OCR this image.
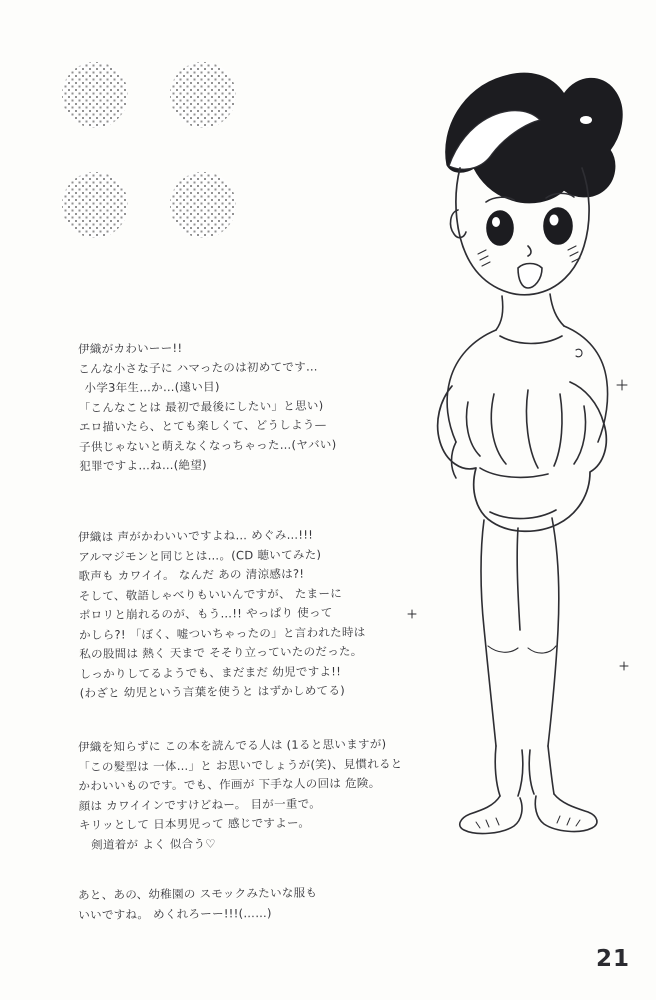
伊織がカわいーー!!
こんな小さな子に ハマったのは初めてです…
小学3年生…か…(遠い目)
「こんなことは 最初で最後にしたい」と思い)
エロ描いたら、とても楽しくて、どうしよう—
子供じゃないと萌えなくなっちゃった…(ヤバい)
犯罪ですよ…ね…(絶望)
伊織は 声がかわいいですよね… めぐみ…!!!
アルマジモンと同じとは…。(CD 聴いてみた)
歌声も カワイイ。 なんだ あの 清涼感は?!
そして、敬語しゃべりもいいんですが、 たまーに
ポロリと崩れるのが、もう…!! やっぱり 使って
かしら?! 「ぼく、嘘ついちゃったの」と言われた時は
私の股間は 熱く 天まで そそり立っていたのだった。
しっかりしてるようでも、まだまだ 幼児ですよ!!
(わざと 幼児という言葉を使うと はずかしめてる)
伊織を知らずに この本を読んでる人は (1ると思いますが)
「この髪型は 一体…」と お思いでしょうが(笑)、見慣れると
かわいいものです。でも、作画が 下手な人の回は 危険。
顔は カワイインですけどねー。 目が一重で。
キリッとして 日本男児って 感じですよー。
剣道着が よく 似合う♡
あと、あの、幼稚園の スモックみたいな服も
いいですね。 めくれろーー!!!(……)
21
